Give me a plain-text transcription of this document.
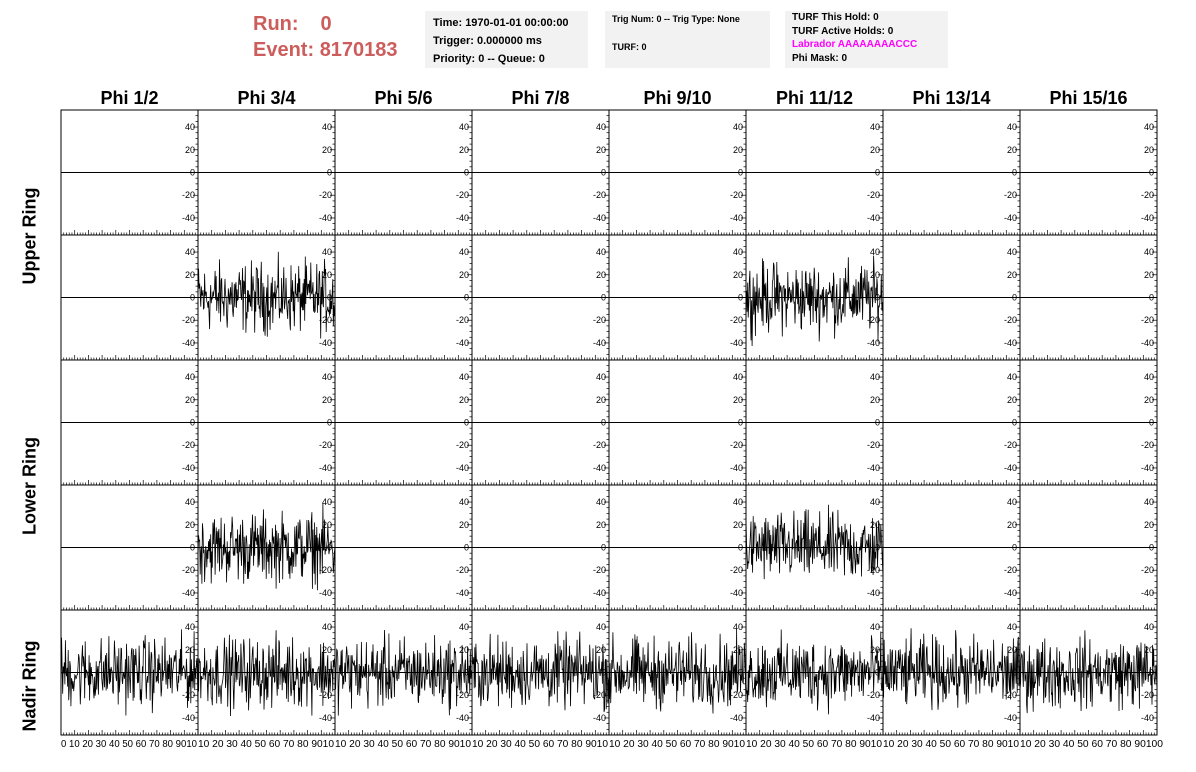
Run: 0
Event: 8170183
Time: 1970-01-01 00:00:00
Trigger: 0.000000 ms
Priority: 0 -- Queue: 0
Trig Num: 0 -- Trig Type: None
TURF: 0
TURF This Hold: 0
TURF Active Holds: 0
Labrador AAAAAAAACCC
Phi Mask: 0
Phi 1/2	Phi 3/4	Phi 5/6	Phi 7/8	Phi 9/10	Phi 11/12	Phi 13/14	Phi 15/16
Upper Ring
Lower Ring
Nadir Ring
-40
-20
0
20
40
-40
-20
0
20
40
-40
-20
0
20
40
-40
-20
0
20
40
-40
-20
0
20
40
-40
-20
0
20
40
-40
-20
0
20
40
-40
-20
0
20
40
-40
-20
0
20
40
-40
-20
0
20
40
-40
-20
0
20
40
-40
-20
0
20
40
-40
-20
0
20
40
-40
-20
0
20
40
-40
-20
0
20
40
-40
-20
0
20
40
-40
-20
0
20
40
-40
-20
0
20
40
-40
-20
0
20
40
-40
-20
0
20
40
-40
-20
0
20
40
-40
-20
0
20
40
-40
-20
0
20
40
-40
-20
0
20
40
-40
-20
0
20
40
-40
-20
0
20
40
-40
-20
0
20
40
-40
-20
0
20
40
-40
-20
0
20
40
-40
-20
0
20
40
-40
-20
0
20
40
-40
-20
0
20
40
-40
-20
0
20
40
-40
-20
0
20
40
-40
-20
0
20
40
-40
-20
0
20
40
-40
-20
0
20
40
-40
-20
0
20
40
-40
-20
0
20
40
-40
-20
0
20
40
0 10 20 30 40 50 60 70 80 9010 10 20 30 40 50 60 70 80 9010 10 20 30 40 50 60 70 80 9010 10 20 30 40 50 60 70 80 9010 10 20 30 40 50 60 70 80 9010 10 20 30 40 50 60 70 80 9010 10 20 30 40 50 60 70 80 9010 10 20 30 40 50 60 70 80 90100
